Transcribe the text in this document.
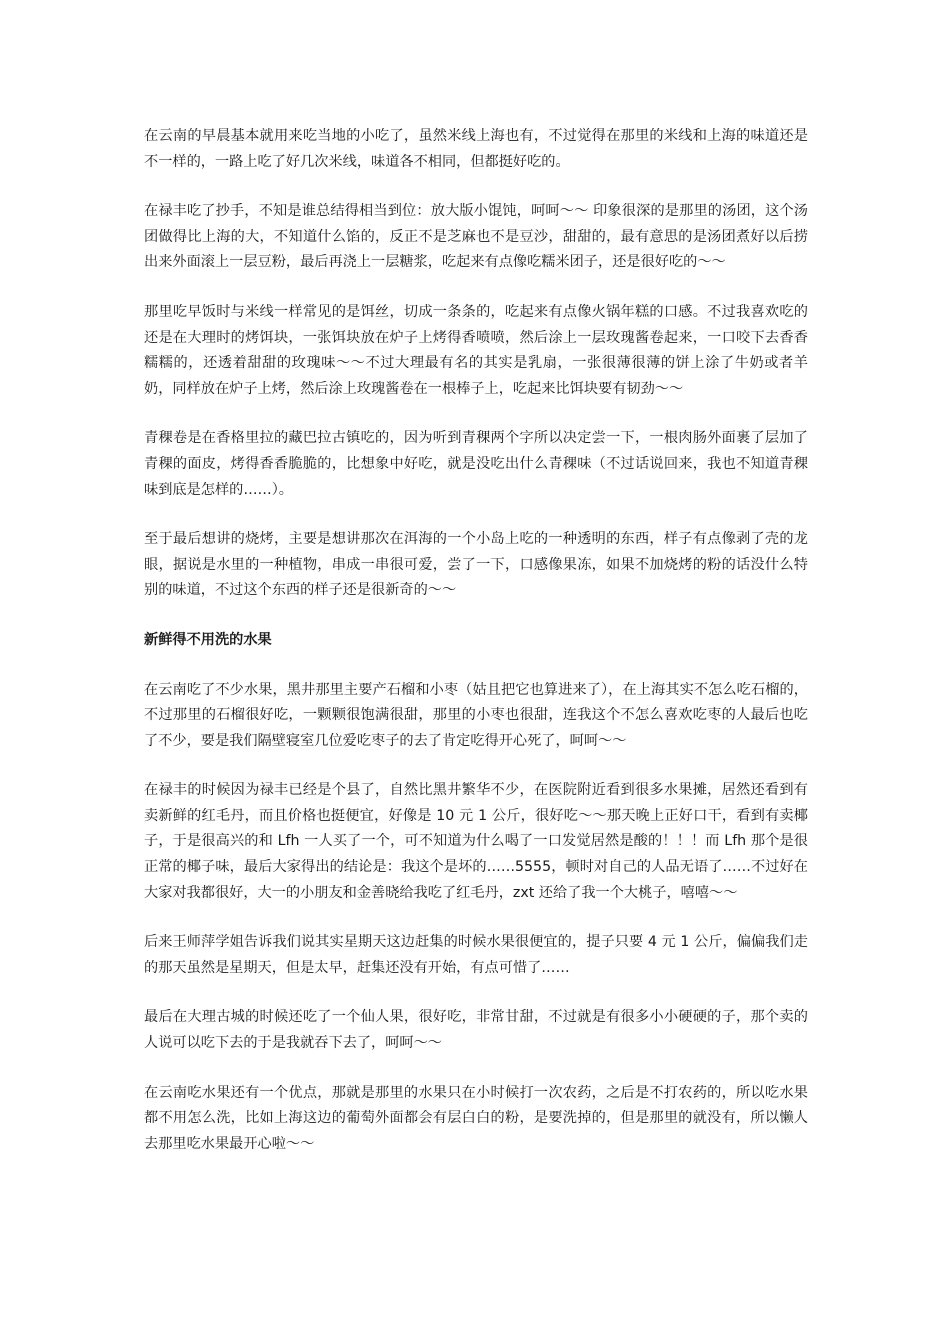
在云南的早晨基本就用来吃当地的小吃了，虽然米线上海也有，不过觉得在那里的米线和上海的味道还是不一样的，一路上吃了好几次米线，味道各不相同，但都挺好吃的。

在禄丰吃了抄手，不知是谁总结得相当到位：放大版小馄饨，呵呵～～ 印象很深的是那里的汤团，这个汤团做得比上海的大，不知道什么馅的，反正不是芝麻也不是豆沙，甜甜的，最有意思的是汤团煮好以后捞出来外面滚上一层豆粉，最后再浇上一层糖浆，吃起来有点像吃糯米团子，还是很好吃的～～

那里吃早饭时与米线一样常见的是饵丝，切成一条条的，吃起来有点像火锅年糕的口感。不过我喜欢吃的还是在大理时的烤饵块，一张饵块放在炉子上烤得香喷喷，然后涂上一层玫瑰酱卷起来，一口咬下去香香糯糯的，还透着甜甜的玫瑰味～～不过大理最有名的其实是乳扇，一张很薄很薄的饼上涂了牛奶或者羊奶，同样放在炉子上烤，然后涂上玫瑰酱卷在一根棒子上，吃起来比饵块要有韧劲～～

青稞卷是在香格里拉的藏巴拉古镇吃的，因为听到青稞两个字所以决定尝一下，一根肉肠外面裹了层加了青稞的面皮，烤得香香脆脆的，比想象中好吃，就是没吃出什么青稞味（不过话说回来，我也不知道青稞味到底是怎样的……）。

至于最后想讲的烧烤，主要是想讲那次在洱海的一个小岛上吃的一种透明的东西，样子有点像剥了壳的龙眼，据说是水里的一种植物，串成一串很可爱，尝了一下，口感像果冻，如果不加烧烤的粉的话没什么特别的味道，不过这个东西的样子还是很新奇的～～

新鲜得不用洗的水果

在云南吃了不少水果，黑井那里主要产石榴和小枣（姑且把它也算进来了），在上海其实不怎么吃石榴的，不过那里的石榴很好吃，一颗颗很饱满很甜，那里的小枣也很甜，连我这个不怎么喜欢吃枣的人最后也吃了不少，要是我们隔壁寝室几位爱吃枣子的去了肯定吃得开心死了，呵呵～～

在禄丰的时候因为禄丰已经是个县了，自然比黑井繁华不少，在医院附近看到很多水果摊，居然还看到有卖新鲜的红毛丹，而且价格也挺便宜，好像是 10 元 1 公斤，很好吃～～那天晚上正好口干，看到有卖椰子，于是很高兴的和 Lfh 一人买了一个，可不知道为什么喝了一口发觉居然是酸的！！！而 Lfh 那个是很正常的椰子味，最后大家得出的结论是：我这个是坏的……5555，顿时对自己的人品无语了……不过好在大家对我都很好，大一的小朋友和金善晓给我吃了红毛丹，zxt 还给了我一个大桃子，嘻嘻～～

后来王师萍学姐告诉我们说其实星期天这边赶集的时候水果很便宜的，提子只要 4 元 1 公斤，偏偏我们走的那天虽然是星期天，但是太早，赶集还没有开始，有点可惜了……

最后在大理古城的时候还吃了一个仙人果，很好吃，非常甘甜，不过就是有很多小小硬硬的子，那个卖的人说可以吃下去的于是我就吞下去了，呵呵～～

在云南吃水果还有一个优点，那就是那里的水果只在小时候打一次农药，之后是不打农药的，所以吃水果都不用怎么洗，比如上海这边的葡萄外面都会有层白白的粉，是要洗掉的，但是那里的就没有，所以懒人去那里吃水果最开心啦～～
